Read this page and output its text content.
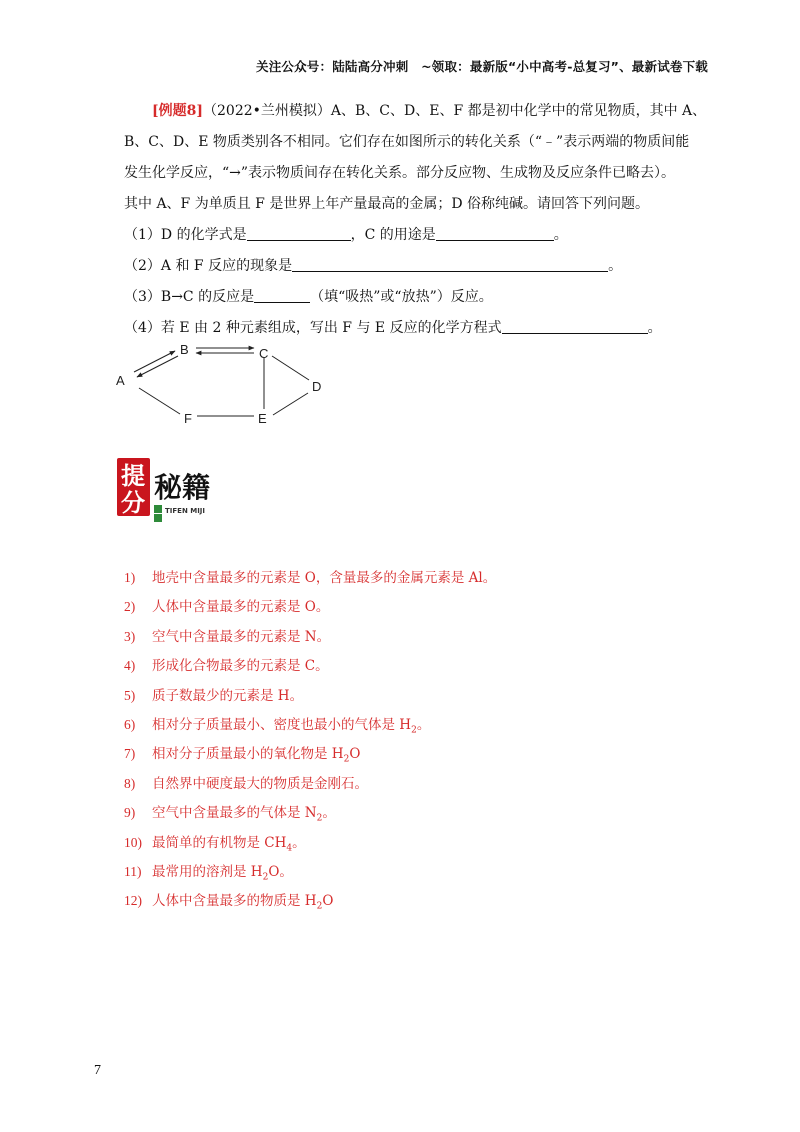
关注公众号：陆陆高分冲刺　~领取：最新版“小中高考-总复习”、最新试卷下载

[例题8]（2022•兰州模拟）A、B、C、D、E、F 都是初中化学中的常见物质，其中 A、

B、C、D、E 物质类别各不相同。它们存在如图所示的转化关系（“﹣”表示两端的物质间能

发生化学反应，“→”表示物质间存在转化关系。部分反应物、生成物及反应条件已略去）。

其中 A、F 为单质且 F 是世界上年产量最高的金属；D 俗称纯碱。请回答下列问题。

（1）D 的化学式是	，C 的用途是	。

（2）A 和 F 反应的现象是	。

（3）B→C 的反应是	（填“吸热”或“放热”）反应。

（4）若 E 由 2 种元素组成，写出 F 与 E 反应的化学方程式	。

A
B	C
D
E
F
提
分 秘籍
TIFEN MIJI
1) 地壳中含量最多的元素是 O，含量最多的金属元素是 Al。
2) 人体中含量最多的元素是 O。
3) 空气中含量最多的元素是 N。
4) 形成化合物最多的元素是 C。
5) 质子数最少的元素是 H。
6) 相对分子质量最小、密度也最小的气体是 $H_2$。
7) 相对分子质量最小的氧化物是 $H_2O$
8) 自然界中硬度最大的物质是金刚石。
9) 空气中含量最多的气体是 $N_2$。
10) 最简单的有机物是 $CH_4$。
11) 最常用的溶剂是 $H_2O$。
12) 人体中含量最多的物质是 $H_2O$
7
